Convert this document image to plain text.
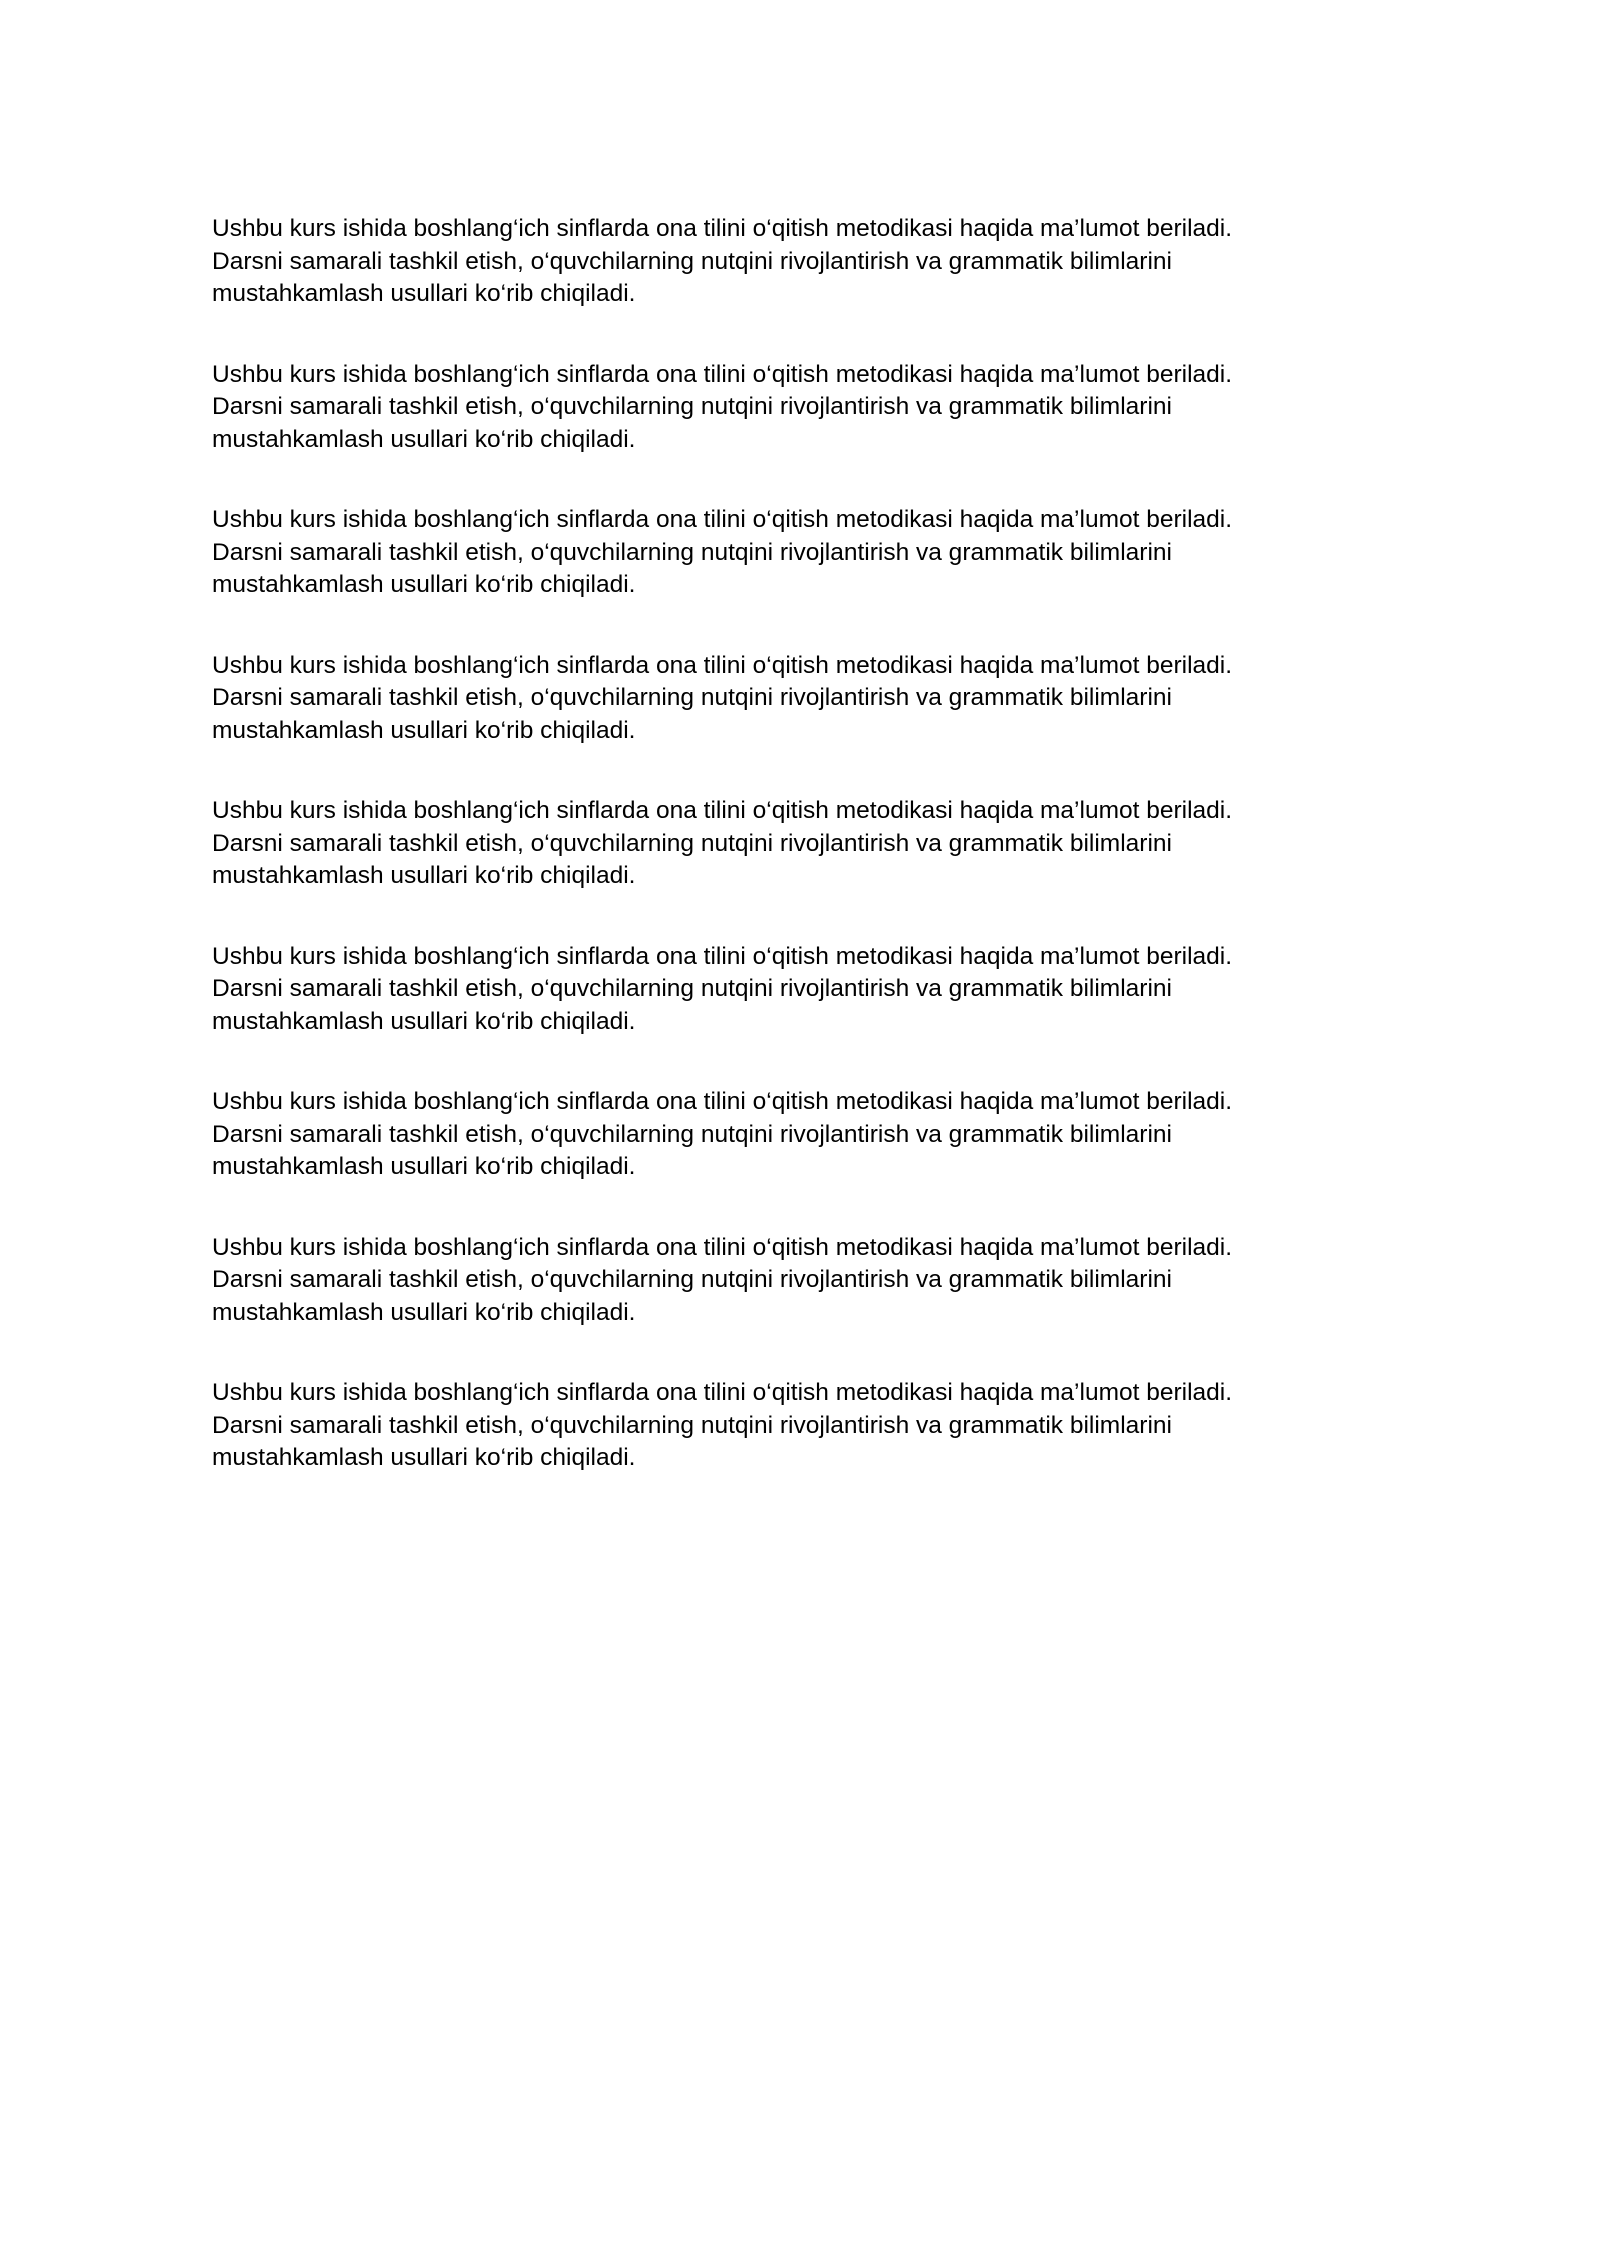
Ushbu kurs ishida boshlang‘ich sinflarda ona tilini o‘qitish metodikasi haqida ma’lumot beriladi.
Darsni samarali tashkil etish, o‘quvchilarning nutqini rivojlantirish va grammatik bilimlarini
mustahkamlash usullari ko‘rib chiqiladi.

Ushbu kurs ishida boshlang‘ich sinflarda ona tilini o‘qitish metodikasi haqida ma’lumot beriladi.
Darsni samarali tashkil etish, o‘quvchilarning nutqini rivojlantirish va grammatik bilimlarini
mustahkamlash usullari ko‘rib chiqiladi.

Ushbu kurs ishida boshlang‘ich sinflarda ona tilini o‘qitish metodikasi haqida ma’lumot beriladi.
Darsni samarali tashkil etish, o‘quvchilarning nutqini rivojlantirish va grammatik bilimlarini
mustahkamlash usullari ko‘rib chiqiladi.

Ushbu kurs ishida boshlang‘ich sinflarda ona tilini o‘qitish metodikasi haqida ma’lumot beriladi.
Darsni samarali tashkil etish, o‘quvchilarning nutqini rivojlantirish va grammatik bilimlarini
mustahkamlash usullari ko‘rib chiqiladi.

Ushbu kurs ishida boshlang‘ich sinflarda ona tilini o‘qitish metodikasi haqida ma’lumot beriladi.
Darsni samarali tashkil etish, o‘quvchilarning nutqini rivojlantirish va grammatik bilimlarini
mustahkamlash usullari ko‘rib chiqiladi.

Ushbu kurs ishida boshlang‘ich sinflarda ona tilini o‘qitish metodikasi haqida ma’lumot beriladi.
Darsni samarali tashkil etish, o‘quvchilarning nutqini rivojlantirish va grammatik bilimlarini
mustahkamlash usullari ko‘rib chiqiladi.

Ushbu kurs ishida boshlang‘ich sinflarda ona tilini o‘qitish metodikasi haqida ma’lumot beriladi.
Darsni samarali tashkil etish, o‘quvchilarning nutqini rivojlantirish va grammatik bilimlarini
mustahkamlash usullari ko‘rib chiqiladi.

Ushbu kurs ishida boshlang‘ich sinflarda ona tilini o‘qitish metodikasi haqida ma’lumot beriladi.
Darsni samarali tashkil etish, o‘quvchilarning nutqini rivojlantirish va grammatik bilimlarini
mustahkamlash usullari ko‘rib chiqiladi.

Ushbu kurs ishida boshlang‘ich sinflarda ona tilini o‘qitish metodikasi haqida ma’lumot beriladi.
Darsni samarali tashkil etish, o‘quvchilarning nutqini rivojlantirish va grammatik bilimlarini
mustahkamlash usullari ko‘rib chiqiladi.
